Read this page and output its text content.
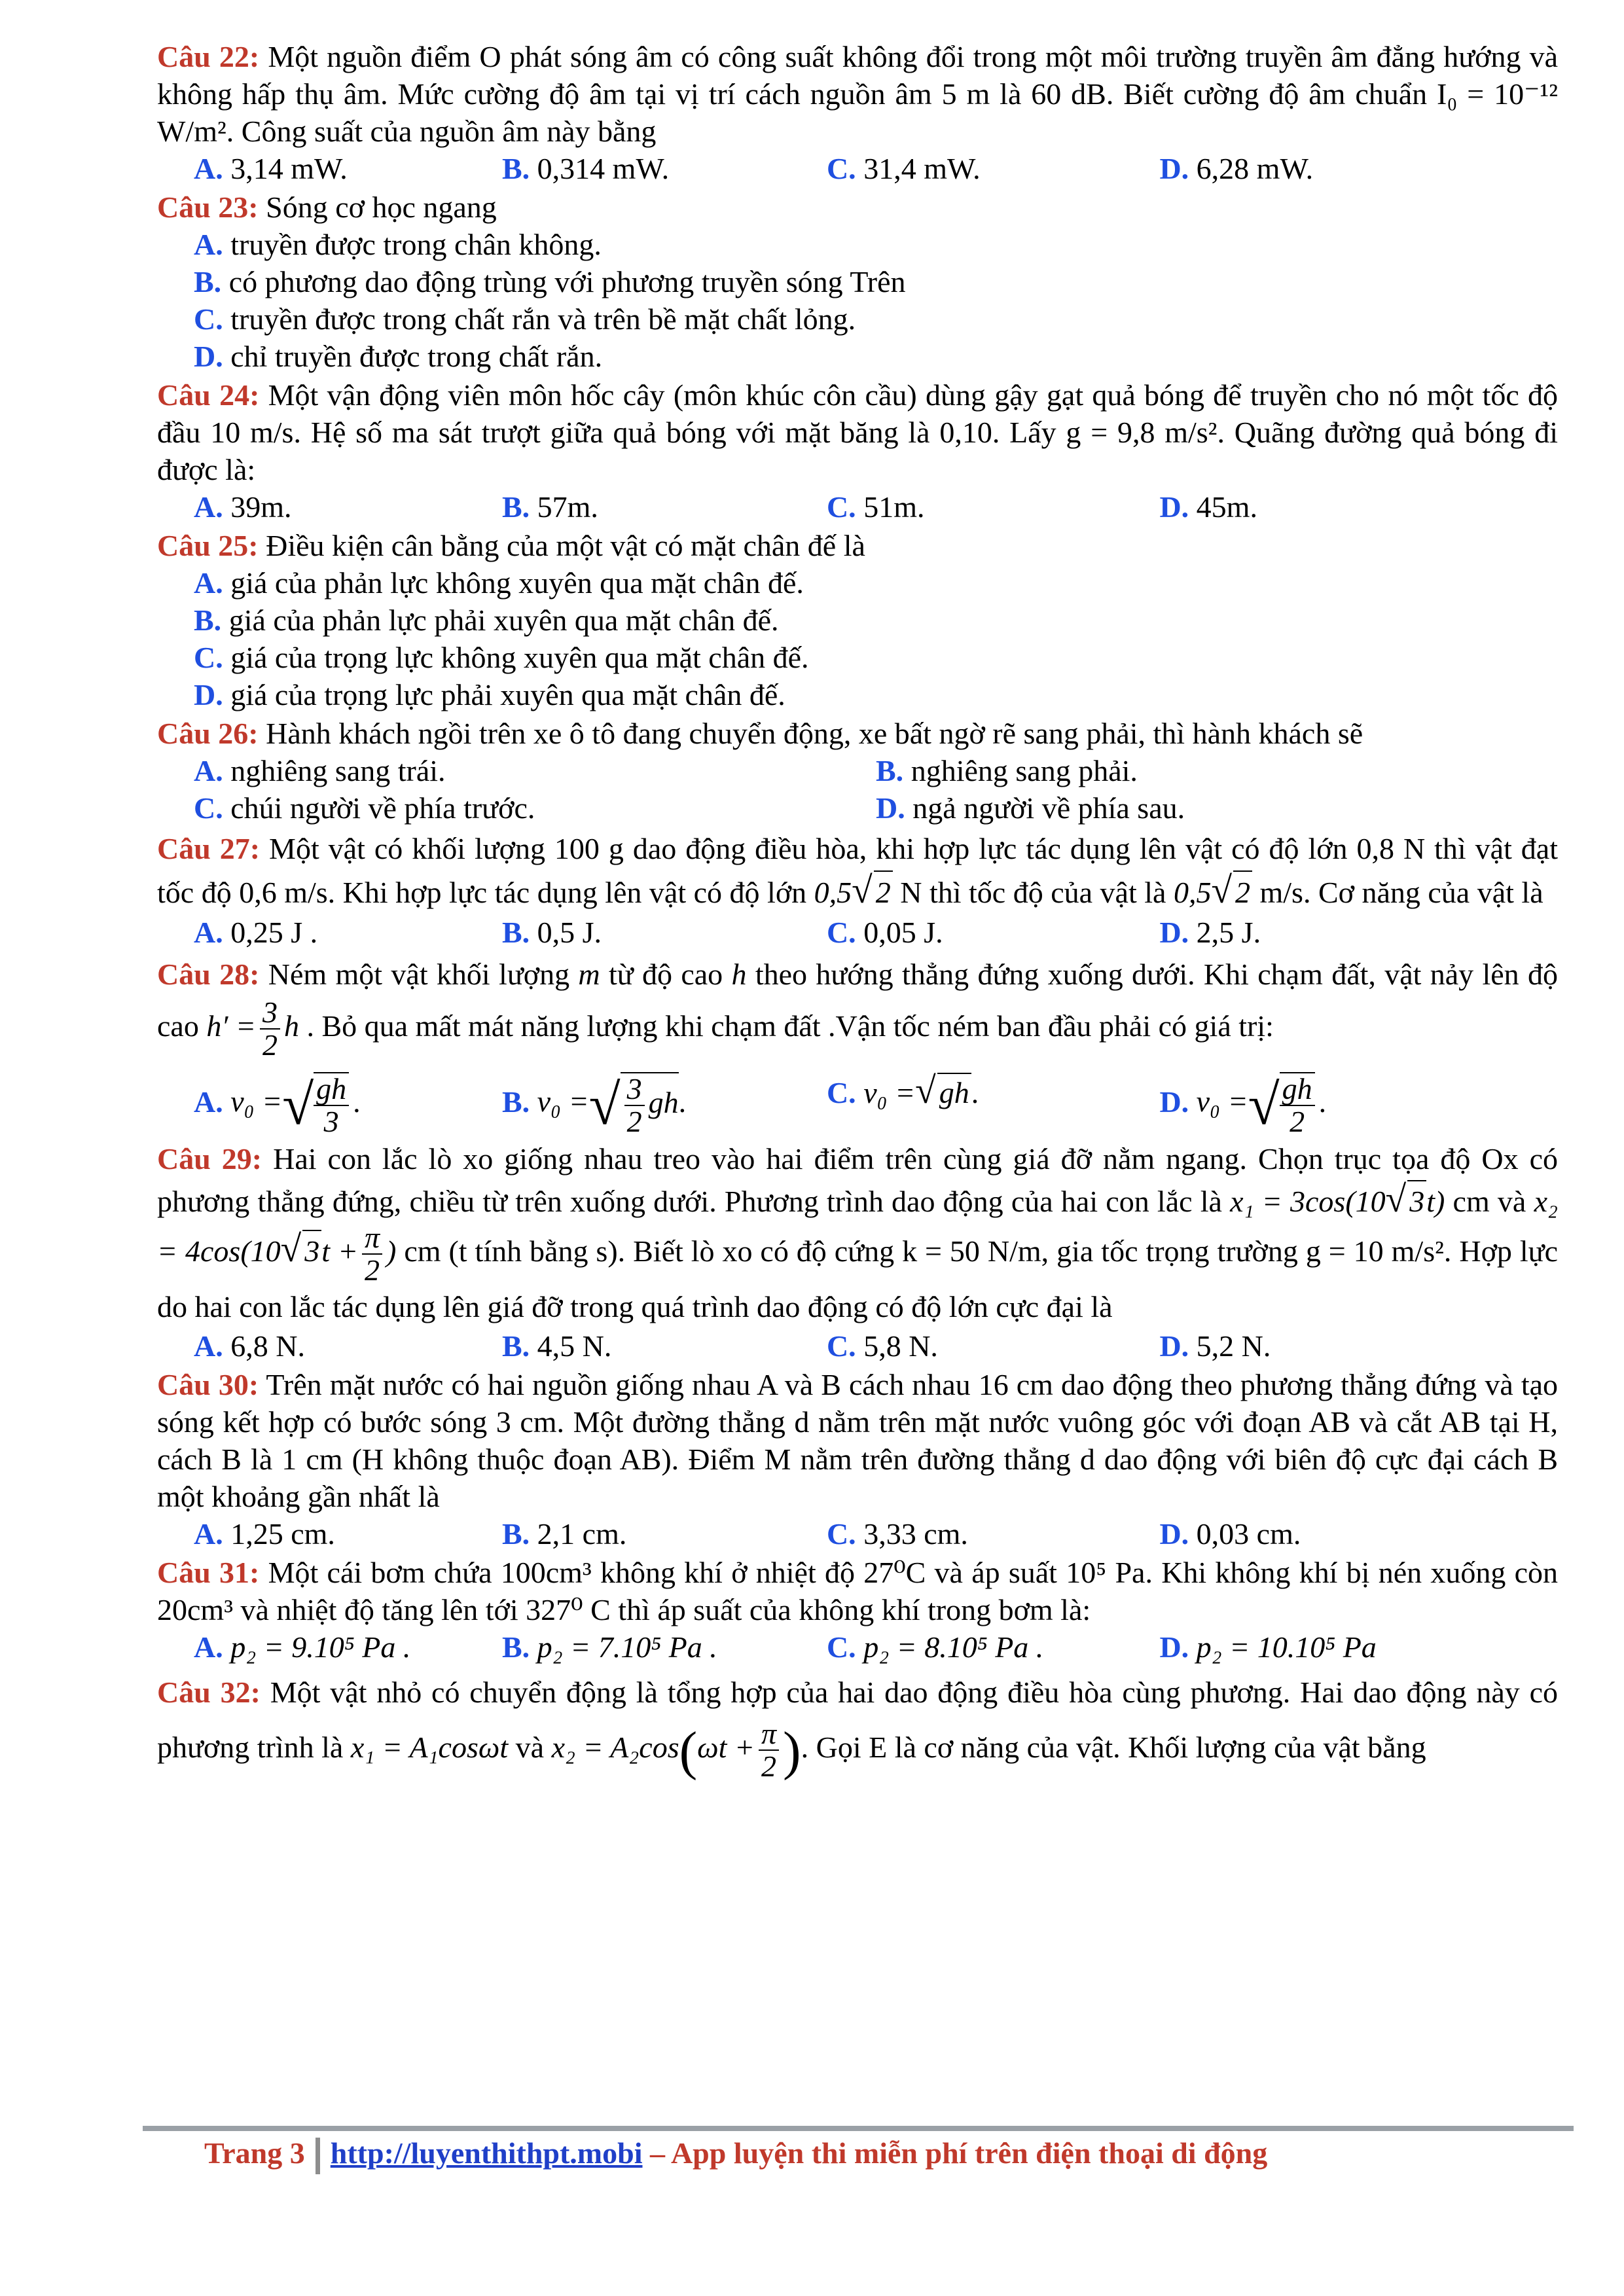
Câu 22: Một nguồn điểm O phát sóng âm có công suất không đổi trong một môi trường truyền âm đẳng hướng và không hấp thụ âm. Mức cường độ âm tại vị trí cách nguồn âm 5 m là 60 dB. Biết cường độ âm chuẩn I₀ = 10⁻¹² W/m². Công suất của nguồn âm này bằng
A. 3,14 mW.	B. 0,314 mW.	C. 31,4 mW.	D. 6,28 mW.
Câu 23: Sóng cơ học ngang
A. truyền được trong chân không.
B. có phương dao động trùng với phương truyền sóng Trên
C. truyền được trong chất rắn và trên bề mặt chất lỏng.
D. chỉ truyền được trong chất rắn.
Câu 24: Một vận động viên môn hốc cây (môn khúc côn cầu) dùng gậy gạt quả bóng để truyền cho nó một tốc độ đầu 10 m/s. Hệ số ma sát trượt giữa quả bóng với mặt băng là 0,10. Lấy g = 9,8 m/s². Quãng đường quả bóng đi được là:
A. 39m.	B. 57m.	C. 51m.	D. 45m.
Câu 25: Điều kiện cân bằng của một vật có mặt chân đế là
A. giá của phản lực không xuyên qua mặt chân đế.
B. giá của phản lực phải xuyên qua mặt chân đế.
C. giá của trọng lực không xuyên qua mặt chân đế.
D. giá của trọng lực phải xuyên qua mặt chân đế.
Câu 26: Hành khách ngồi trên xe ô tô đang chuyển động, xe bất ngờ rẽ sang phải, thì hành khách sẽ
A. nghiêng sang trái.	B. nghiêng sang phải.
C. chúi người về phía trước.	D. ngả người về phía sau.
Câu 27: Một vật có khối lượng 100 g dao động điều hòa, khi hợp lực tác dụng lên vật có độ lớn 0,8 N thì vật đạt tốc độ 0,6 m/s. Khi hợp lực tác dụng lên vật có độ lớn 0,5√ 2 N thì tốc độ của vật là 0,5√ 2 m/s. Cơ năng của vật là
A. 0,25 J .	B. 0,5 J.	C. 0,05 J.	D. 2,5 J.
Câu 28: Ném một vật khối lượng m từ độ cao h theo hướng thẳng đứng xuống dưới. Khi chạm đất, vật nảy lên độ cao $h' = \frac{3}{2}$ h . Bỏ qua mất mát năng lượng khi chạm đất .Vận tốc ném ban đầu phải có giá trị:
A. v₀ =√ $\frac{gh}{3}$ .	B. v₀ =√ $\frac{3}{2}$ gh.	C. v₀ =√ gh.	D. v₀ =√ $\frac{gh}{2}$ .
Câu 29: Hai con lắc lò xo giống nhau treo vào hai điểm trên cùng giá đỡ nằm ngang. Chọn trục tọa độ Ox có phương thẳng đứng, chiều từ trên xuống dưới. Phương trình dao động của hai con lắc là x₁ = 3cos(10√ 3t) cm và x₂ = 4cos(10√ $3t + \frac{\pi}{2}$ ) cm (t tính bằng s). Biết lò xo có độ cứng k = 50 N/m, gia tốc trọng trường g = 10 m/s². Hợp lực do hai con lắc tác dụng lên giá đỡ trong quá trình dao động có độ lớn cực đại là
A. 6,8 N.	B. 4,5 N.	C. 5,8 N.	D. 5,2 N.
Câu 30: Trên mặt nước có hai nguồn giống nhau A và B cách nhau 16 cm dao động theo phương thẳng đứng và tạo sóng kết hợp có bước sóng 3 cm. Một đường thẳng d nằm trên mặt nước vuông góc với đoạn AB và cắt AB tại H, cách B là 1 cm (H không thuộc đoạn AB). Điểm M nằm trên đường thẳng d dao động với biên độ cực đại cách B một khoảng gần nhất là
A. 1,25 cm.	B. 2,1 cm.	C. 3,33 cm.	D. 0,03 cm.
Câu 31: Một cái bơm chứa 100cm³ không khí ở nhiệt độ 27⁰C và áp suất 10⁵ Pa. Khi không khí bị nén xuống còn 20cm³ và nhiệt độ tăng lên tới 327⁰ C thì áp suất của không khí trong bơm là:
A. p₂ = 9.10⁵ Pa .	B. p₂ = 7.10⁵ Pa .	C. p₂ = 8.10⁵ Pa .	D. p₂ = 10.10⁵ Pa
Câu 32: Một vật nhỏ có chuyển động là tổng hợp của hai dao động điều hòa cùng phương. Hai dao động này có phương trình là x₁ = A₁cosωt và $x_2 = A_2\cos(\omega t + \frac{\pi}{2}$ ). Gọi E là cơ năng của vật. Khối lượng của vật bằng
Trang 3 http://luyenthithpt.mobi – App luyện thi miễn phí trên điện thoại di động
